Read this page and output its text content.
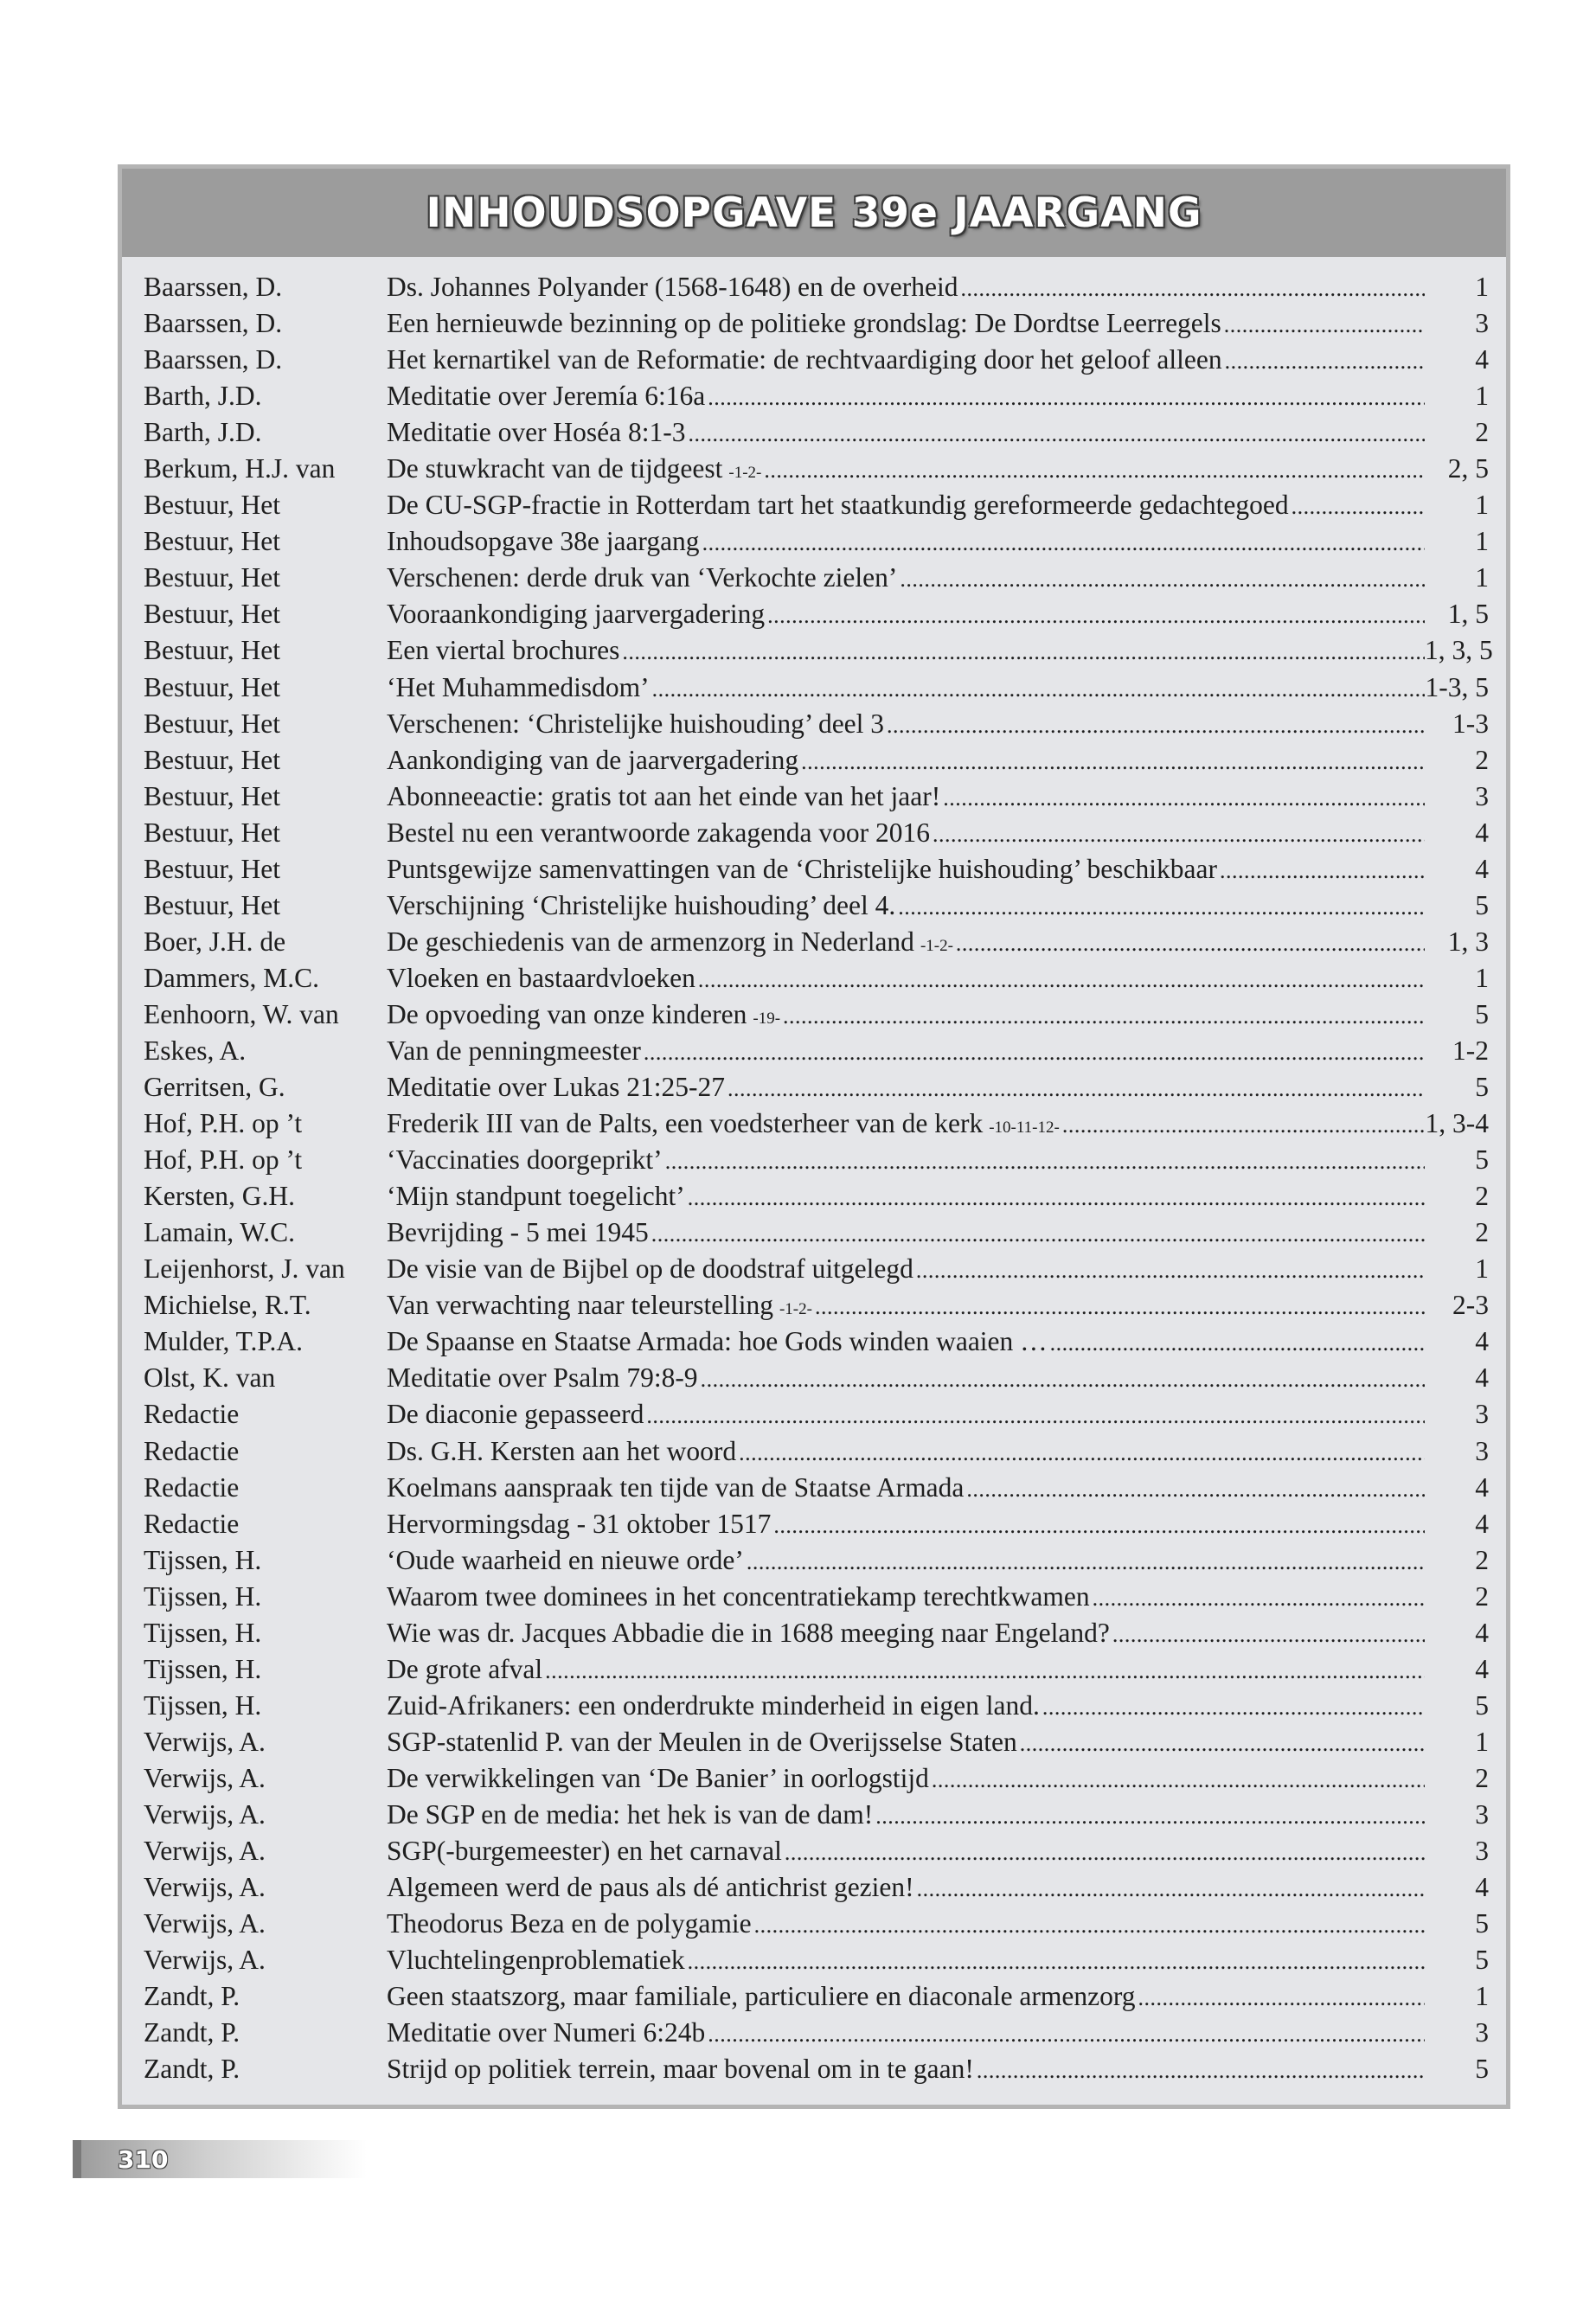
INHOUDSOPGAVE 39e JAARGANG
Baarssen, D.	Ds. Johannes Polyander (1568-1648) en de overheid .....	1
Baarssen, D.	Een hernieuwde bezinning op de politieke grondslag: De Dordtse Leerregels .....	3
Baarssen, D.	Het kernartikel van de Reformatie: de rechtvaardiging door het geloof alleen .....	4
Barth, J.D.	Meditatie over Jeremía 6:16a .....	1
Barth, J.D.	Meditatie over Hoséa 8:1-3 .....	2
Berkum, H.J. van	De stuwkracht van de tijdgeest -1-2- .....	2, 5
Bestuur, Het	De CU-SGP-fractie in Rotterdam tart het staatkundig gereformeerde gedachtegoed .....	1
Bestuur, Het	Inhoudsopgave 38e jaargang .....	1
Bestuur, Het	Verschenen: derde druk van ‘Verkochte zielen’ .....	1
Bestuur, Het	Vooraankondiging jaarvergadering .....	1, 5
Bestuur, Het	Een viertal brochures .....	1, 3, 5
Bestuur, Het	‘Het Muhammedisdom’ .....	1-3, 5
Bestuur, Het	Verschenen: ‘Christelijke huishouding’ deel 3 .....	1-3
Bestuur, Het	Aankondiging van de jaarvergadering .....	2
Bestuur, Het	Abonneeactie: gratis tot aan het einde van het jaar! .....	3
Bestuur, Het	Bestel nu een verantwoorde zakagenda voor 2016 .....	4
Bestuur, Het	Puntsgewijze samenvattingen van de ‘Christelijke huishouding’ beschikbaar .....	4
Bestuur, Het	Verschijning ‘Christelijke huishouding’ deel 4. .....	5
Boer, J.H. de	De geschiedenis van de armenzorg in Nederland -1-2- .....	1, 3
Dammers, M.C.	Vloeken en bastaardvloeken .....	1
Eenhoorn, W. van	De opvoeding van onze kinderen -19- .....	5
Eskes, A.	Van de penningmeester .....	1-2
Gerritsen, G.	Meditatie over Lukas 21:25-27 .....	5
Hof, P.H. op ’t	Frederik III van de Palts, een voedsterheer van de kerk -10-11-12- .....	1, 3-4
Hof, P.H. op ’t	‘Vaccinaties doorgeprikt’ .....	5
Kersten, G.H.	‘Mijn standpunt toegelicht’ .....	2
Lamain, W.C.	Bevrijding - 5 mei 1945 .....	2
Leijenhorst, J. van	De visie van de Bijbel op de doodstraf uitgelegd .....	1
Michielse, R.T.	Van verwachting naar teleurstelling -1-2- .....	2-3
Mulder, T.P.A.	De Spaanse en Staatse Armada: hoe Gods winden waaien … .....	4
Olst, K. van	Meditatie over Psalm 79:8-9 .....	4
Redactie	De diaconie gepasseerd .....	3
Redactie	Ds. G.H. Kersten aan het woord .....	3
Redactie	Koelmans aanspraak ten tijde van de Staatse Armada .....	4
Redactie	Hervormingsdag - 31 oktober 1517 .....	4
Tijssen, H.	‘Oude waarheid en nieuwe orde’ .....	2
Tijssen, H.	Waarom twee dominees in het concentratiekamp terechtkwamen .....	2
Tijssen, H.	Wie was dr. Jacques Abbadie die in 1688 meeging naar Engeland? .....	4
Tijssen, H.	De grote afval .....	4
Tijssen, H.	Zuid-Afrikaners: een onderdrukte minderheid in eigen land. .....	5
Verwijs, A.	SGP-statenlid P. van der Meulen in de Overijsselse Staten .....	1
Verwijs, A.	De verwikkelingen van ‘De Banier’ in oorlogstijd .....	2
Verwijs, A.	De SGP en de media: het hek is van de dam! .....	3
Verwijs, A.	SGP(-burgemeester) en het carnaval .....	3
Verwijs, A.	Algemeen werd de paus als dé antichrist gezien! .....	4
Verwijs, A.	Theodorus Beza en de polygamie .....	5
Verwijs, A.	Vluchtelingenproblematiek .....	5
Zandt, P.	Geen staatszorg, maar familiale, particuliere en diaconale armenzorg .....	1
Zandt, P.	Meditatie over Numeri 6:24b .....	3
Zandt, P.	Strijd op politiek terrein, maar bovenal om in te gaan! .....	5
310
